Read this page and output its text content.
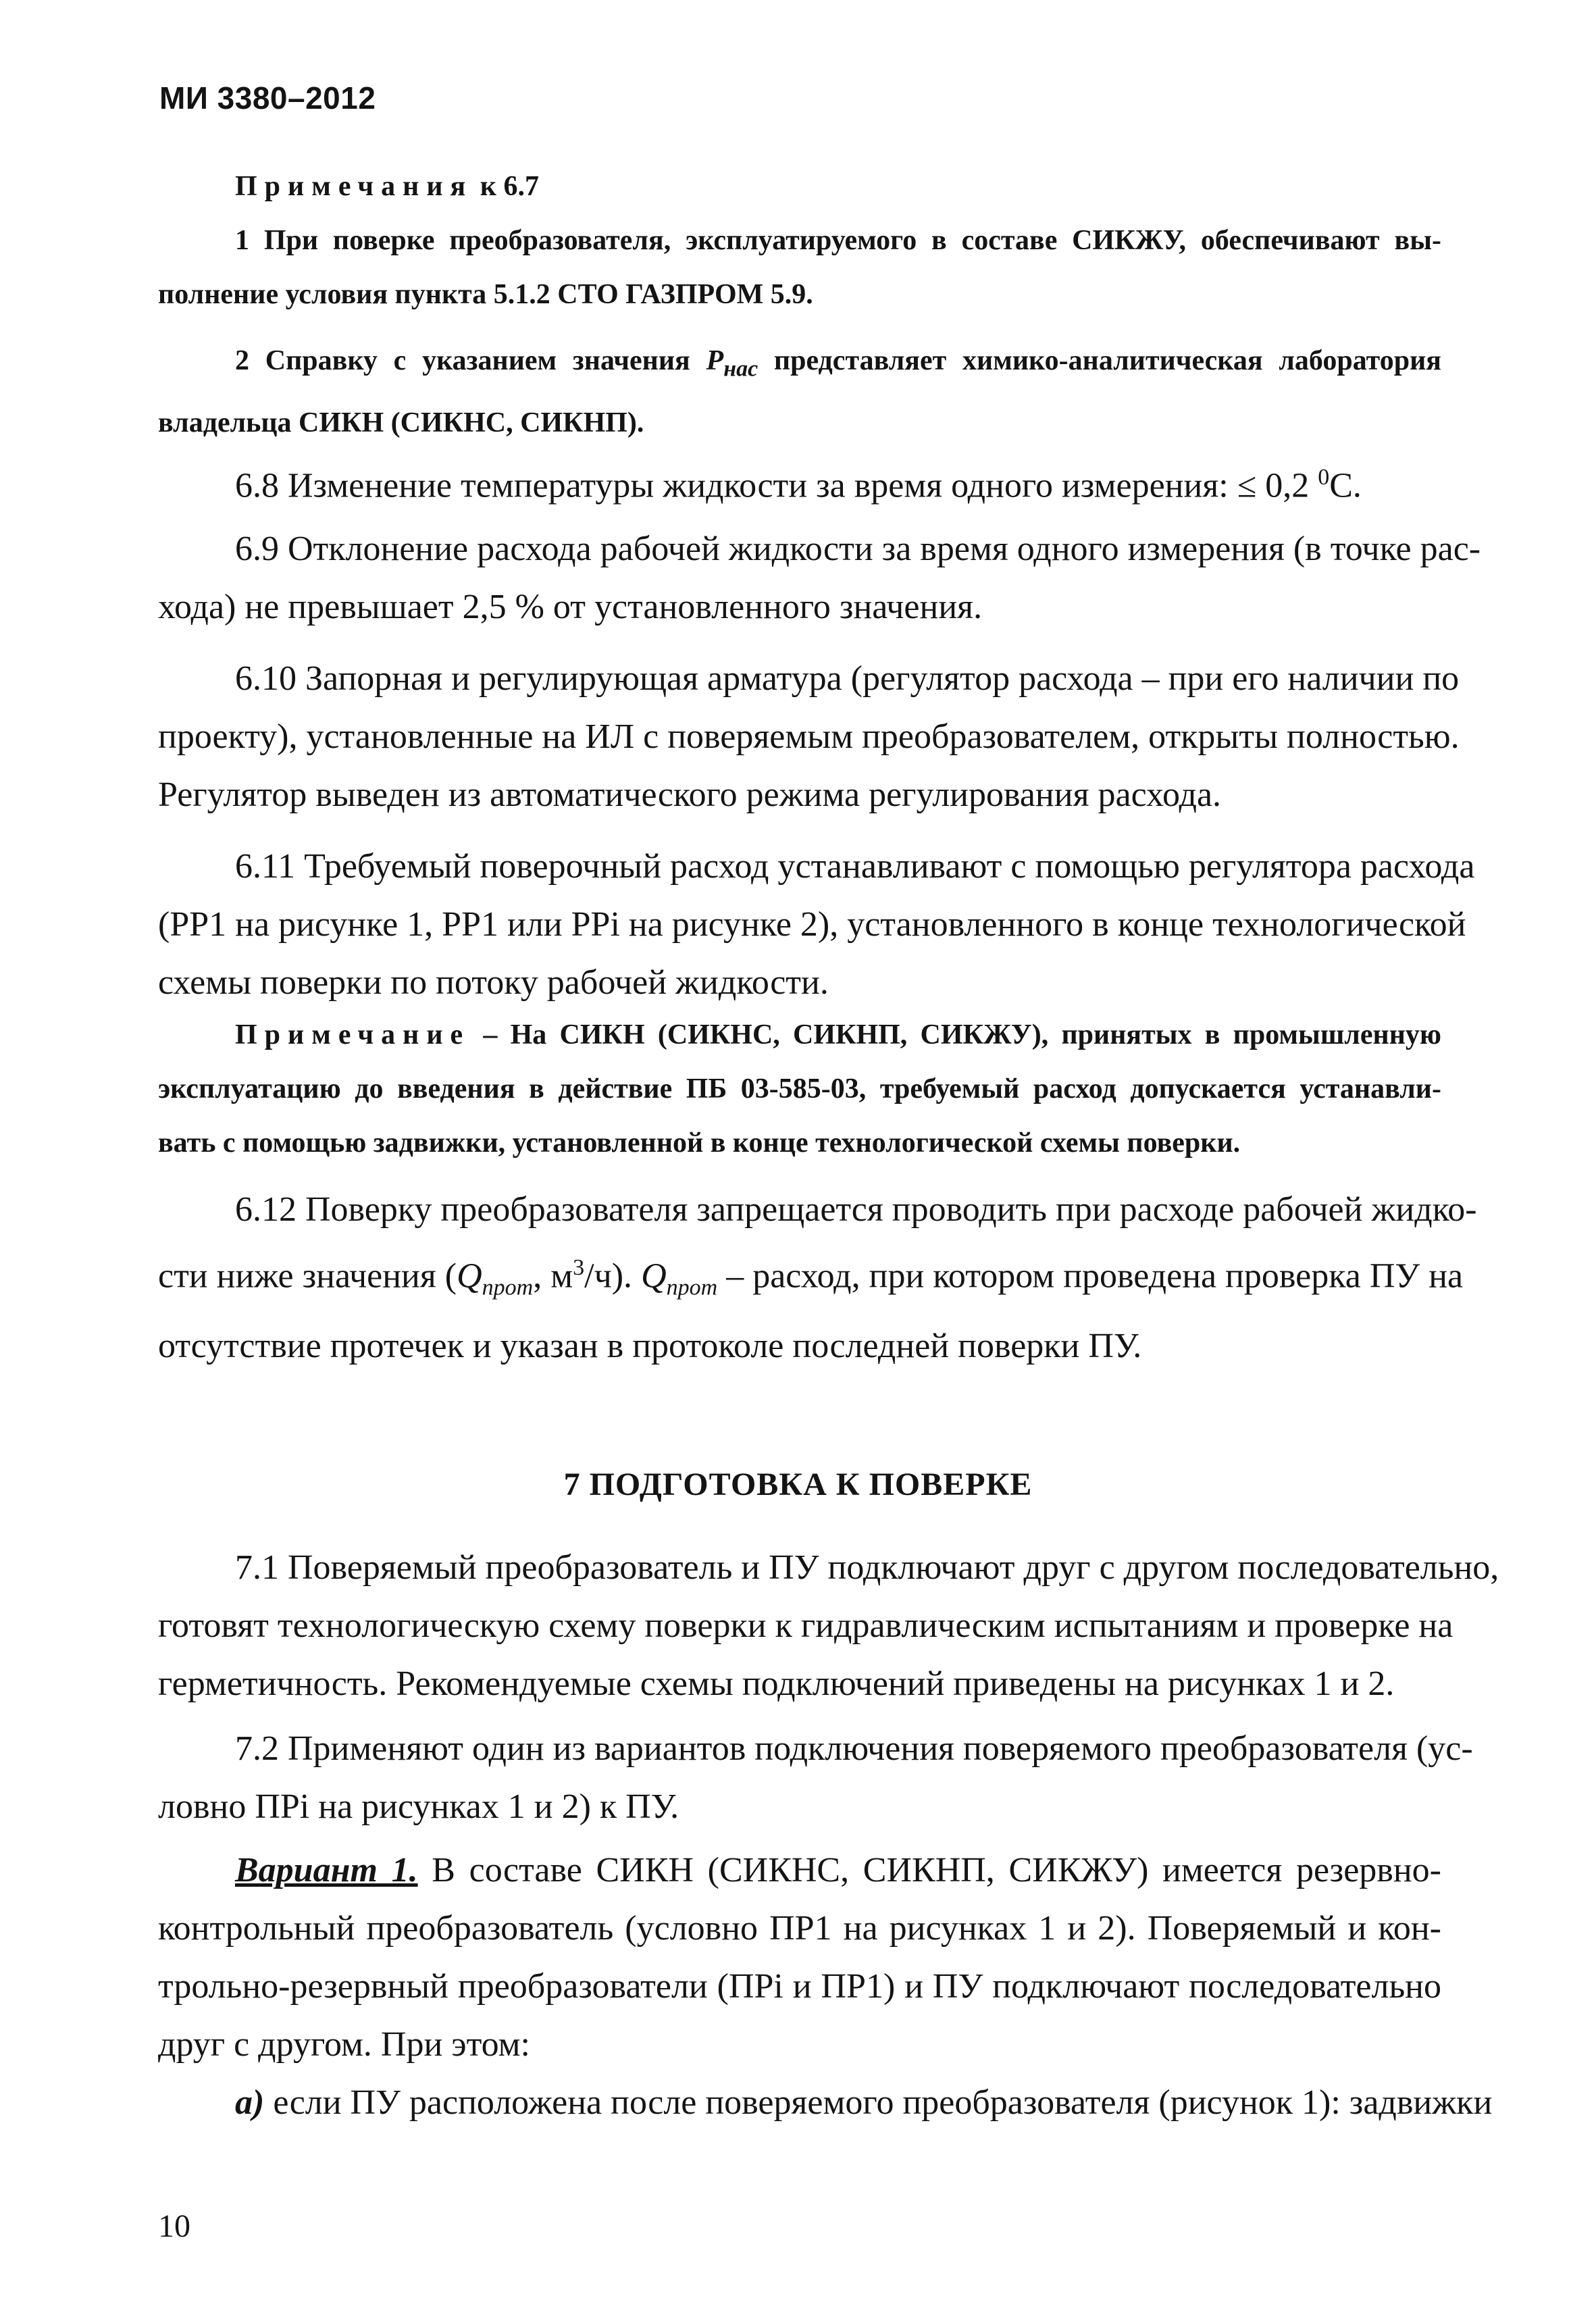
МИ 3380–2012
Примечания к 6.7
1 При поверке преобразователя, эксплуатируемого в составе СИКЖУ, обеспечивают вы-
полнение условия пункта 5.1.2 СТО ГАЗПРОМ 5.9.
2 Справку с указанием значения $P_{нас}$ представляет химико-аналитическая лаборатория
владельца СИКН (СИКНС, СИКНП).
6.8 Изменение температуры жидкости за время одного измерения: ≤ 0,2 $^0$С.
6.9 Отклонение расхода рабочей жидкости за время одного измерения (в точке рас-
хода) не превышает 2,5 % от установленного значения.
6.10 Запорная и регулирующая арматура (регулятор расхода – при его наличии по
проекту), установленные на ИЛ с поверяемым преобразователем, открыты полностью.
Регулятор выведен из автоматического режима регулирования расхода.
6.11 Требуемый поверочный расход устанавливают с помощью регулятора расхода
(РР1 на рисунке 1, РР1 или РРi на рисунке 2), установленного в конце технологической
схемы поверки по потоку рабочей жидкости.
Примечание – На СИКН (СИКНС, СИКНП, СИКЖУ), принятых в промышленную
эксплуатацию до введения в действие ПБ 03-585-03, требуемый расход допускается устанавли-
вать с помощью задвижки, установленной в конце технологической схемы поверки.
6.12 Поверку преобразователя запрещается проводить при расходе рабочей жидко-
сти ниже значения ($Q_{прот}$, $м^3/ч$). $Q_{прот}$ – расход, при котором проведена проверка ПУ на
отсутствие протечек и указан в протоколе последней поверки ПУ.
7 ПОДГОТОВКА К ПОВЕРКЕ
7.1 Поверяемый преобразователь и ПУ подключают друг с другом последовательно,
готовят технологическую схему поверки к гидравлическим испытаниям и проверке на
герметичность. Рекомендуемые схемы подключений приведены на рисунках 1 и 2.
7.2 Применяют один из вариантов подключения поверяемого преобразователя (ус-
ловно ПРi на рисунках 1 и 2) к ПУ.
Вариант 1. В составе СИКН (СИКНС, СИКНП, СИКЖУ) имеется резервно-
контрольный преобразователь (условно ПР1 на рисунках 1 и 2). Поверяемый и кон-
трольно-резервный преобразователи (ПРi и ПР1) и ПУ подключают последовательно
друг с другом. При этом:
а) если ПУ расположена после поверяемого преобразователя (рисунок 1): задвижки
10
